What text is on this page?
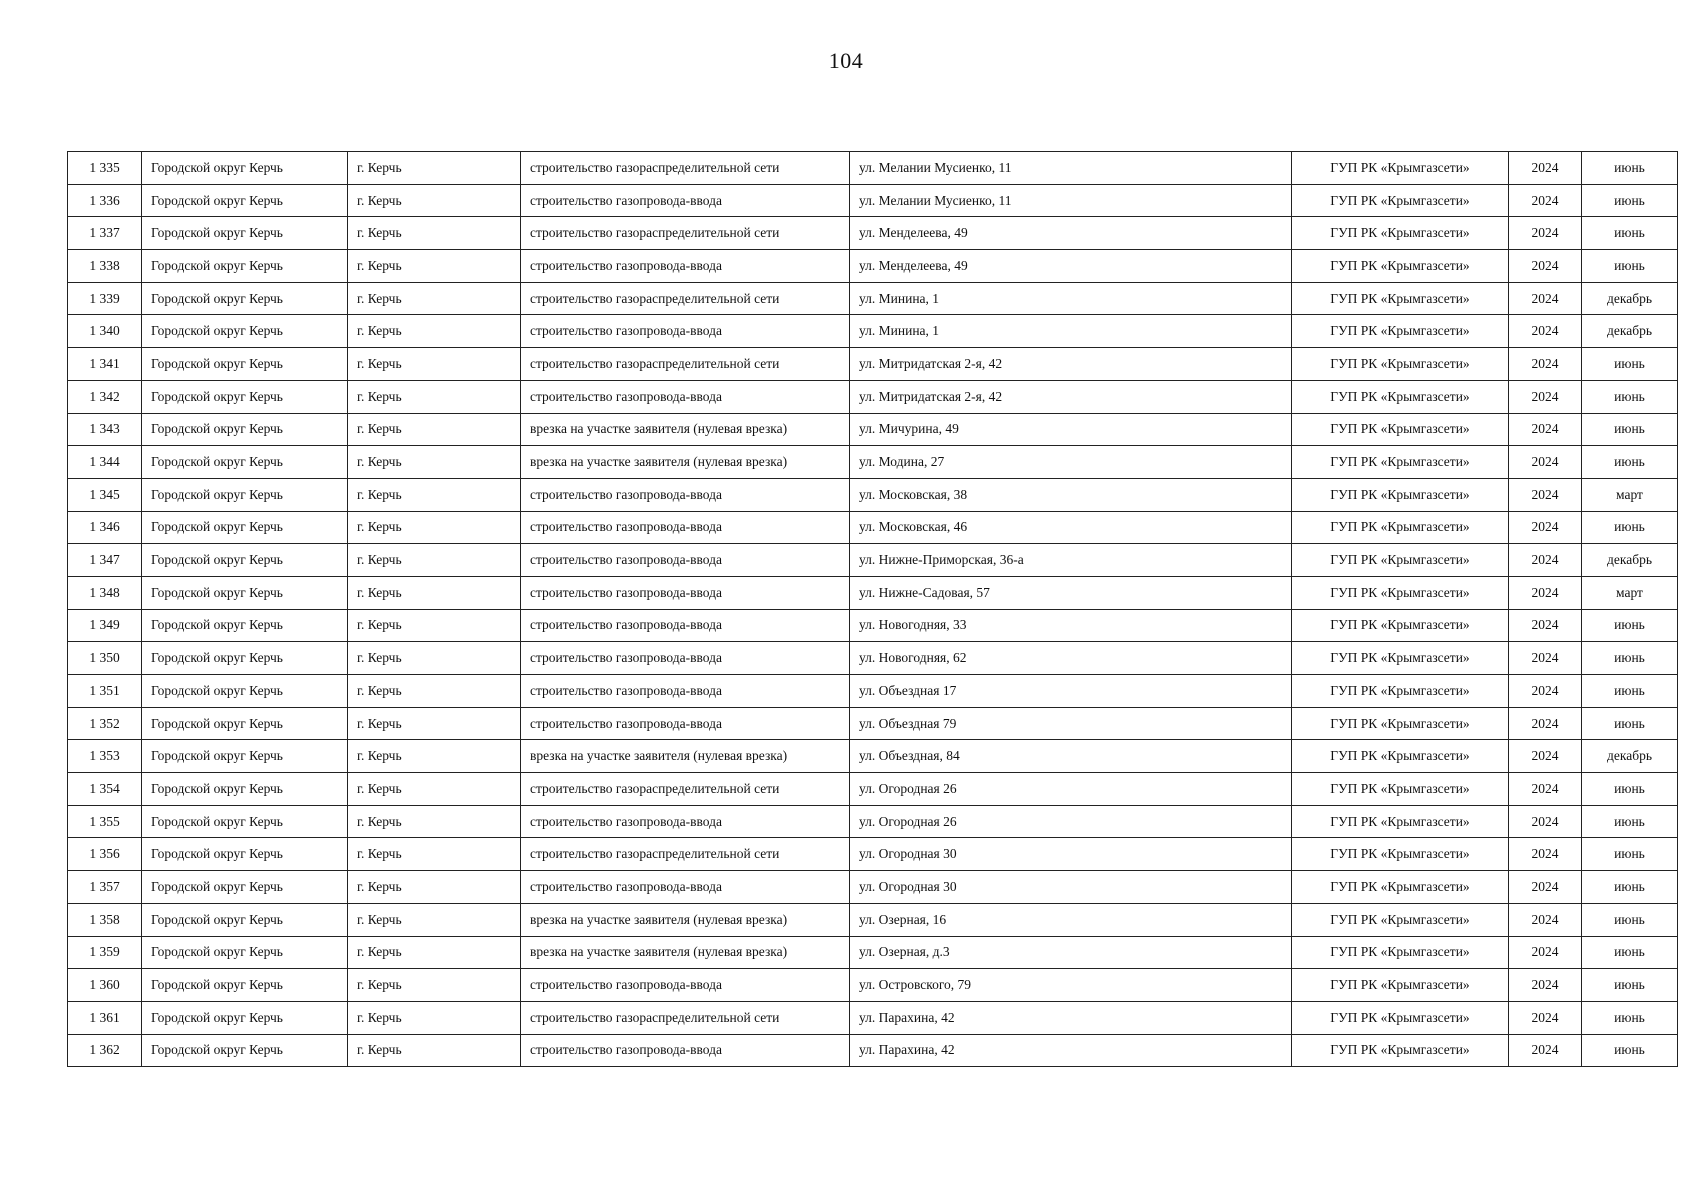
104
1 335	Городской округ Керчь	г. Керчь	строительство газораспределительной сети	ул. Мелании Мусиенко, 11	ГУП РК «Крымгазсети»	2024	июнь
1 336	Городской округ Керчь	г. Керчь	строительство газопровода-ввода	ул. Мелании Мусиенко, 11	ГУП РК «Крымгазсети»	2024	июнь
1 337	Городской округ Керчь	г. Керчь	строительство газораспределительной сети	ул. Менделеева, 49	ГУП РК «Крымгазсети»	2024	июнь
1 338	Городской округ Керчь	г. Керчь	строительство газопровода-ввода	ул. Менделеева, 49	ГУП РК «Крымгазсети»	2024	июнь
1 339	Городской округ Керчь	г. Керчь	строительство газораспределительной сети	ул. Минина, 1	ГУП РК «Крымгазсети»	2024	декабрь
1 340	Городской округ Керчь	г. Керчь	строительство газопровода-ввода	ул. Минина, 1	ГУП РК «Крымгазсети»	2024	декабрь
1 341	Городской округ Керчь	г. Керчь	строительство газораспределительной сети	ул. Митридатская 2-я, 42	ГУП РК «Крымгазсети»	2024	июнь
1 342	Городской округ Керчь	г. Керчь	строительство газопровода-ввода	ул. Митридатская 2-я, 42	ГУП РК «Крымгазсети»	2024	июнь
1 343	Городской округ Керчь	г. Керчь	врезка на участке заявителя (нулевая врезка)	ул. Мичурина, 49	ГУП РК «Крымгазсети»	2024	июнь
1 344	Городской округ Керчь	г. Керчь	врезка на участке заявителя (нулевая врезка)	ул. Модина, 27	ГУП РК «Крымгазсети»	2024	июнь
1 345	Городской округ Керчь	г. Керчь	строительство газопровода-ввода	ул. Московская, 38	ГУП РК «Крымгазсети»	2024	март
1 346	Городской округ Керчь	г. Керчь	строительство газопровода-ввода	ул. Московская, 46	ГУП РК «Крымгазсети»	2024	июнь
1 347	Городской округ Керчь	г. Керчь	строительство газопровода-ввода	ул. Нижне-Приморская, 36-а	ГУП РК «Крымгазсети»	2024	декабрь
1 348	Городской округ Керчь	г. Керчь	строительство газопровода-ввода	ул. Нижне-Садовая, 57	ГУП РК «Крымгазсети»	2024	март
1 349	Городской округ Керчь	г. Керчь	строительство газопровода-ввода	ул. Новогодняя, 33	ГУП РК «Крымгазсети»	2024	июнь
1 350	Городской округ Керчь	г. Керчь	строительство газопровода-ввода	ул. Новогодняя, 62	ГУП РК «Крымгазсети»	2024	июнь
1 351	Городской округ Керчь	г. Керчь	строительство газопровода-ввода	ул. Объездная 17	ГУП РК «Крымгазсети»	2024	июнь
1 352	Городской округ Керчь	г. Керчь	строительство газопровода-ввода	ул. Объездная 79	ГУП РК «Крымгазсети»	2024	июнь
1 353	Городской округ Керчь	г. Керчь	врезка на участке заявителя (нулевая врезка)	ул. Объездная, 84	ГУП РК «Крымгазсети»	2024	декабрь
1 354	Городской округ Керчь	г. Керчь	строительство газораспределительной сети	ул. Огородная 26	ГУП РК «Крымгазсети»	2024	июнь
1 355	Городской округ Керчь	г. Керчь	строительство газопровода-ввода	ул. Огородная 26	ГУП РК «Крымгазсети»	2024	июнь
1 356	Городской округ Керчь	г. Керчь	строительство газораспределительной сети	ул. Огородная 30	ГУП РК «Крымгазсети»	2024	июнь
1 357	Городской округ Керчь	г. Керчь	строительство газопровода-ввода	ул. Огородная 30	ГУП РК «Крымгазсети»	2024	июнь
1 358	Городской округ Керчь	г. Керчь	врезка на участке заявителя (нулевая врезка)	ул. Озерная, 16	ГУП РК «Крымгазсети»	2024	июнь
1 359	Городской округ Керчь	г. Керчь	врезка на участке заявителя (нулевая врезка)	ул. Озерная, д.3	ГУП РК «Крымгазсети»	2024	июнь
1 360	Городской округ Керчь	г. Керчь	строительство газопровода-ввода	ул. Островского, 79	ГУП РК «Крымгазсети»	2024	июнь
1 361	Городской округ Керчь	г. Керчь	строительство газораспределительной сети	ул. Парахина, 42	ГУП РК «Крымгазсети»	2024	июнь
1 362	Городской округ Керчь	г. Керчь	строительство газопровода-ввода	ул. Парахина, 42	ГУП РК «Крымгазсети»	2024	июнь
